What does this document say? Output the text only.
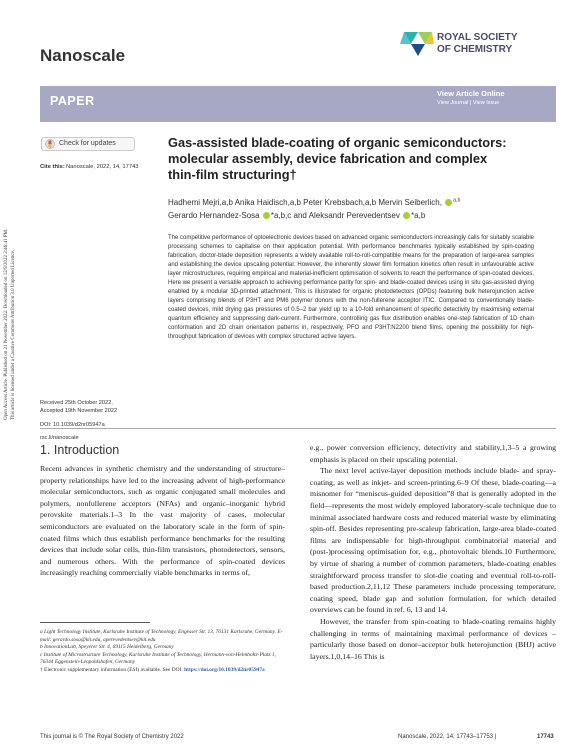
Nanoscale
ROYAL SOCIETY
OF CHEMISTRY
PAPER
View Article Online
View Journal | View Issue
Check for updates
Cite this: Nanoscale, 2022, 14, 17743
Gas-assisted blade-coating of organic semiconductors: molecular assembly, device fabrication and complex thin-film structuring†
Hadhemi Mejri,a,b Anika Haidisch,a,b Peter Krebsbach,a,b Mervin Seiberlich, $^{a,b}$
Gerardo Hernandez-Sosa *a,b,c and Aleksandr Perevedentsev *a,b
The competitive performance of optoelectronic devices based on advanced organic semiconductors increasingly calls for suitably scalable processing schemes to capitalise on their application potential. With performance benchmarks typically established by spin-coating fabrication, doctor-blade deposition represents a widely available roll-to-roll-compatible means for the preparation of large-area samples and establishing the device upscaling potential. However, the inherently slower film formation kinetics often result in unfavourable active layer microstructures, requiring empirical and material-inefficient optimisation of solvents to reach the performance of spin-coated devices. Here we present a versatile approach to achieving performance parity for spin- and blade-coated devices using in situ gas-assisted drying enabled by a modular 3D-printed attachment. This is illustrated for organic photodetectors (OPDs) featuring bulk heterojunction active layers comprising blends of P3HT and PM6 polymer donors with the non-fullerene acceptor ITIC. Compared to conventionally blade-coated devices, mild drying gas pressures of 0.5–2 bar yield up to a 10-fold enhancement of specific detectivity by maximising external quantum efficiency and suppressing dark-current. Furthermore, controlling gas flux distribution enables one-step fabrication of 1D chain conformation and 2D chain orientation patterns in, respectively, PFO and P3HT:N2200 blend films, opening the possibility for high-throughput fabrication of devices with complex structured active layers.
Received 25th October 2022,
Accepted 19th November 2022
DOI: 10.1039/d2nr05947a
rsc.li/nanoscale
Open Access Article. Published on 21 November 2022. Downloaded on 12/9/2022 2:46:41 PM. This article is licensed under a Creative Commons Attribution 3.0 Unported Licence.
1. Introduction
Recent advances in synthetic chemistry and the understanding of structure–property relationships have led to the increasing advent of high-performance molecular semiconductors, such as organic conjugated small molecules and polymers, nonfullerene acceptors (NFAs) and organic–inorganic hybrid perovskite materials.1–3 In the vast majority of cases, molecular semiconductors are evaluated on the laboratory scale in the form of spin-coated films which thus establish performance benchmarks for the resulting devices that include solar cells, thin-film transistors, photodetectors, sensors, and numerous others. With the performance of spin-coated devices increasingly reaching commercially viable benchmarks in terms of,
e.g., power conversion efficiency, detectivity and stability,1,3–5 a growing emphasis is placed on their upscaling potential.
The next level active-layer deposition methods include blade- and spray-coating, as well as inkjet- and screen-printing.6–9 Of these, blade-coating—a misnomer for “meniscus-guided deposition”8 that is generally adopted in the field—represents the most widely employed laboratory-scale technique due to minimal associated hardware costs and reduced material waste by eliminating spin-off. Besides representing pre-scaleup fabrication, large-area blade-coated films are indispensable for high-throughput combinatorial material and (post-)processing optimisation for, e.g., photovoltaic blends.10 Furthermore, by virtue of sharing a number of common parameters, blade-coating enables straightforward process transfer to slot-die coating and eventual roll-to-roll-based production.2,11,12 These parameters include processing temperature, coating speed, blade gap and solution formulation, for which detailed overviews can be found in ref. 6, 13 and 14.
However, the transfer from spin-coating to blade-coating remains highly challenging in terms of maintaining maximal performance of devices – particularly those based on donor–acceptor bulk heterojunction (BHJ) active layers.1,0,14–16 This is
a Light Technology Institute, Karlsruhe Institute of Technology, Engesser Str. 13, 76131 Karlsruhe, Germany. E-mail: gerardo.sosa@kit.edu, aperevedentsev@kit.edu
b InnovationLab, Speyerer Str. 4, 69115 Heidelberg, Germany
c Institute of Microstructure Technology, Karlsruhe Institute of Technology, Hermann-von-Helmholtz-Platz 1, 76344 Eggenstein-Leopoldshafen, Germany
† Electronic supplementary information (ESI) available. See DOI: https://doi.org/10.1039/d2nr05947a
This journal is © The Royal Society of Chemistry 2022	Nanoscale, 2022, 14, 17743–17753 |	17743
